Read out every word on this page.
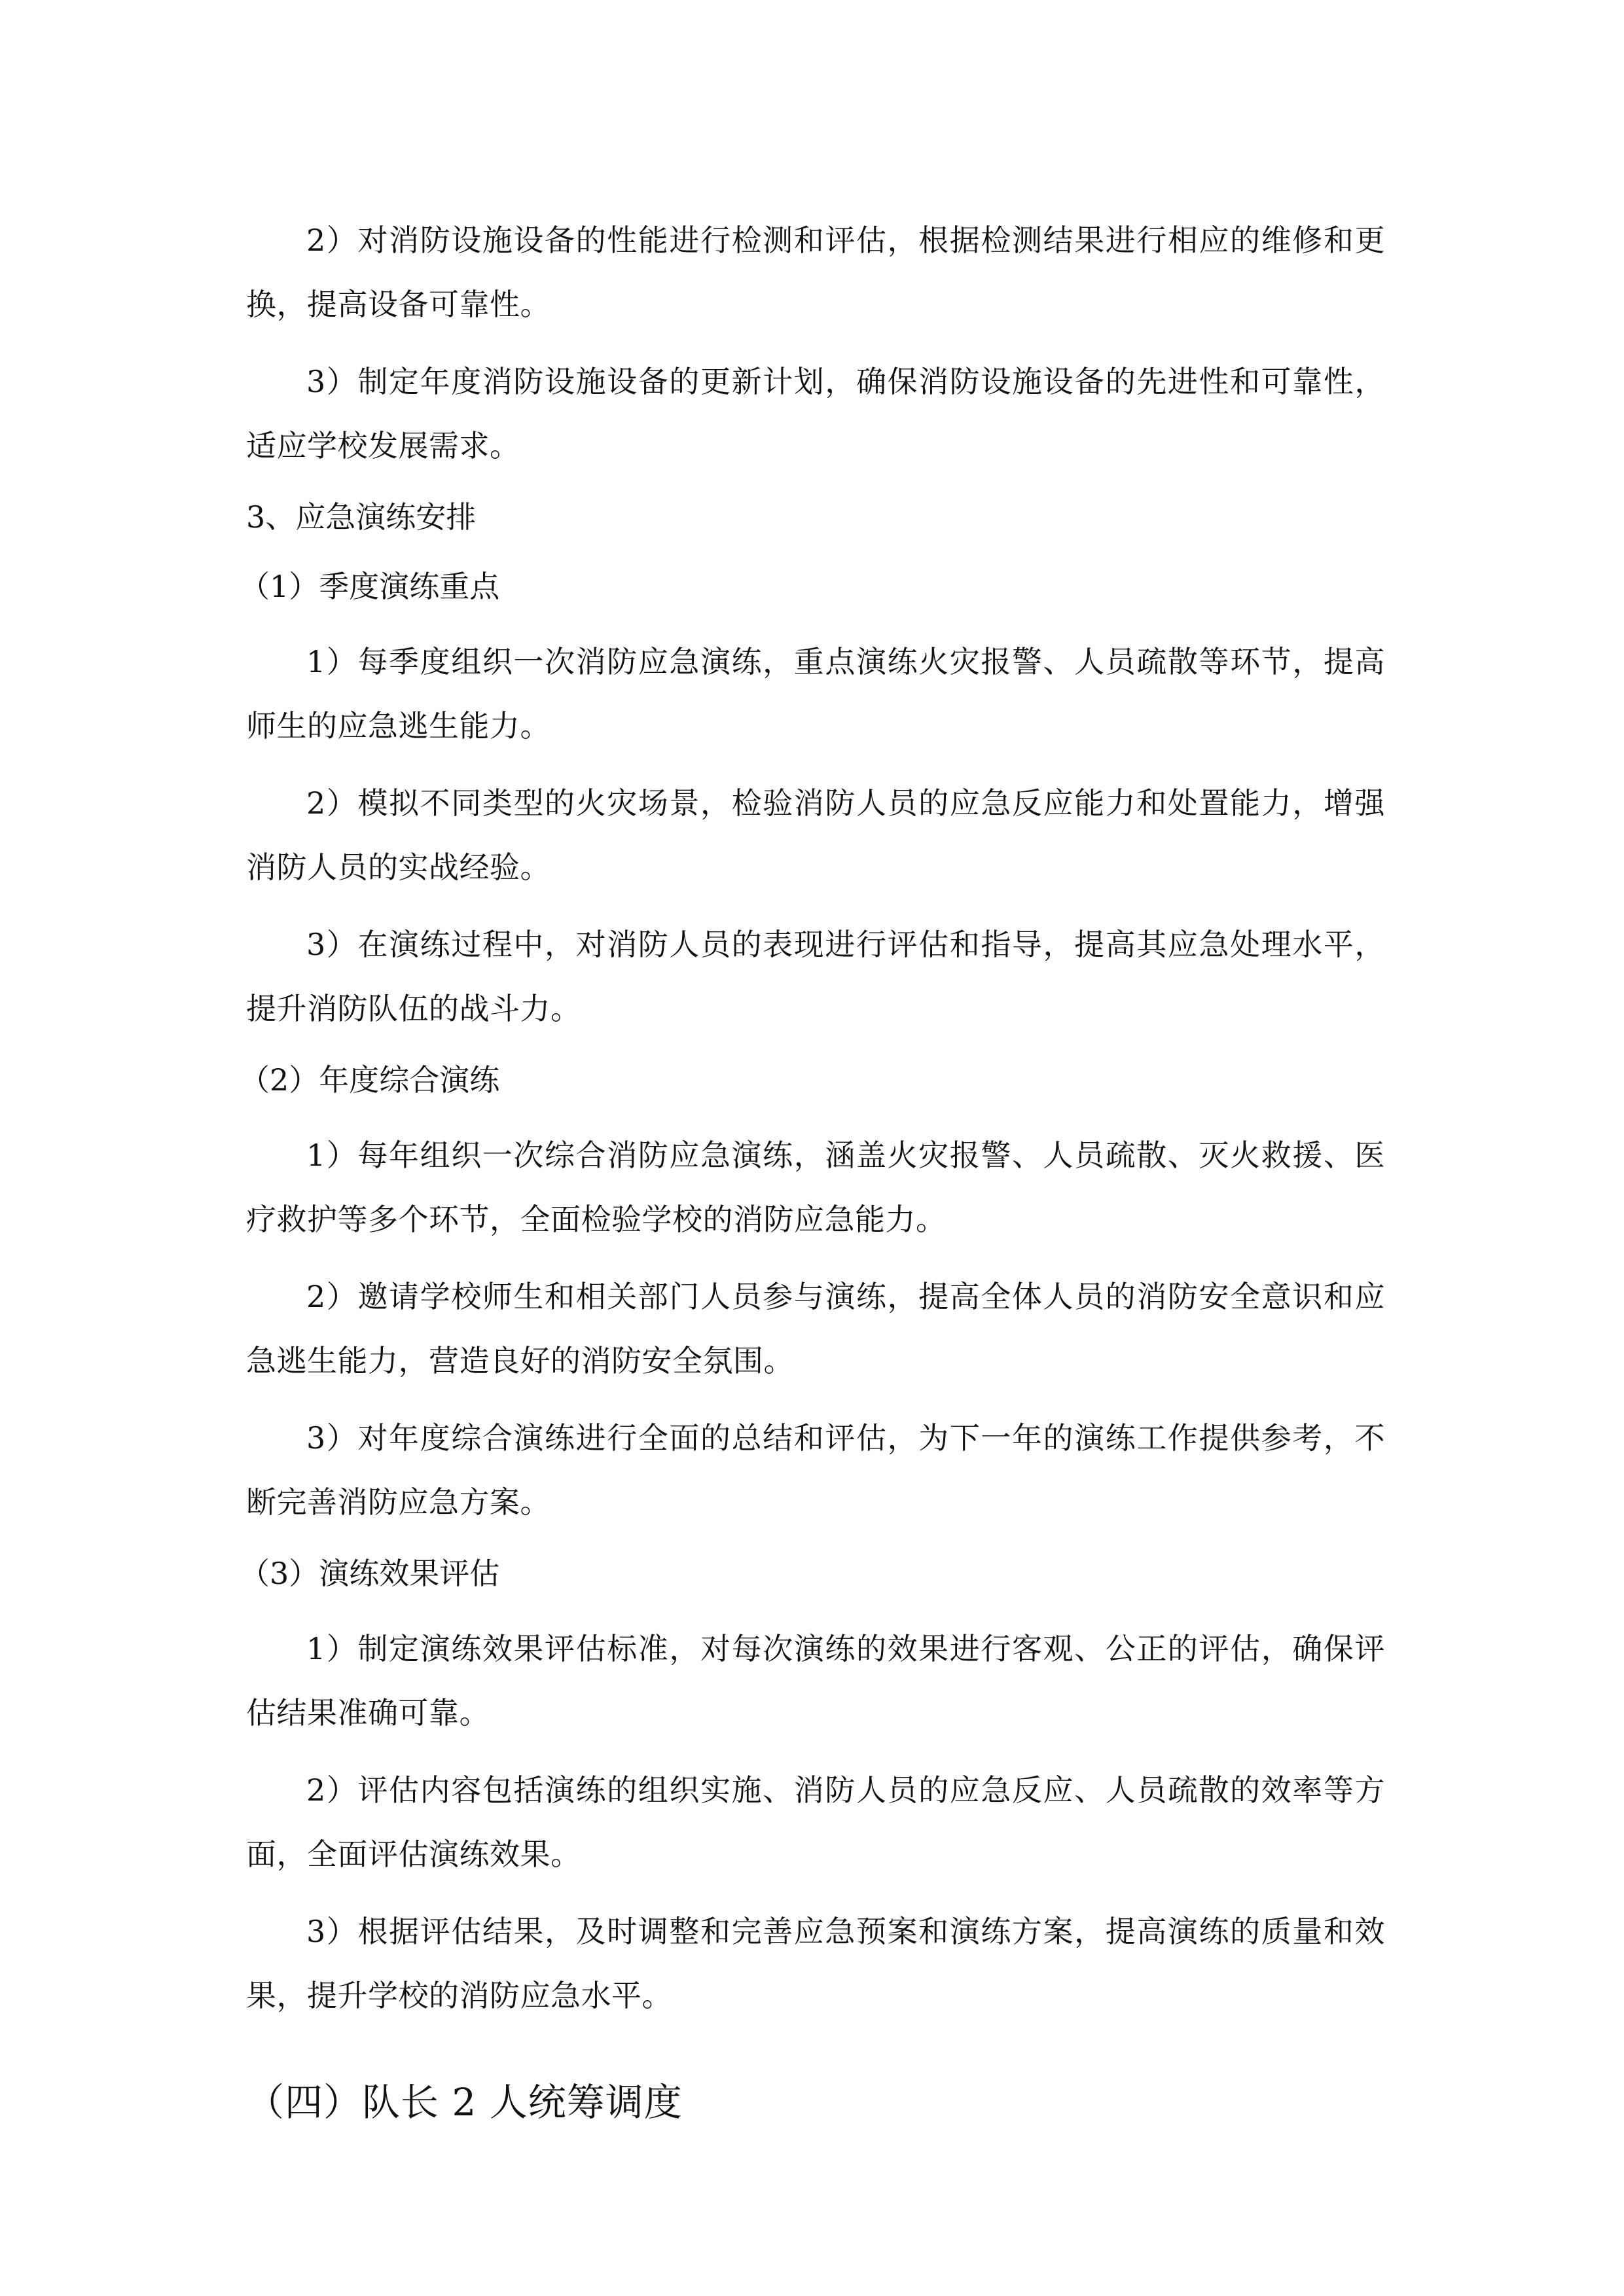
2）对消防设施设备的性能进行检测和评估，根据检测结果进行相应的维修和更换，提高设备可靠性。

3）制定年度消防设施设备的更新计划，确保消防设施设备的先进性和可靠性，适应学校发展需求。

3、应急演练安排

（1）季度演练重点

1）每季度组织一次消防应急演练，重点演练火灾报警、人员疏散等环节，提高师生的应急逃生能力。

2）模拟不同类型的火灾场景，检验消防人员的应急反应能力和处置能力，增强消防人员的实战经验。

3）在演练过程中，对消防人员的表现进行评估和指导，提高其应急处理水平，提升消防队伍的战斗力。

（2）年度综合演练

1）每年组织一次综合消防应急演练，涵盖火灾报警、人员疏散、灭火救援、医疗救护等多个环节，全面检验学校的消防应急能力。

2）邀请学校师生和相关部门人员参与演练，提高全体人员的消防安全意识和应急逃生能力，营造良好的消防安全氛围。

3）对年度综合演练进行全面的总结和评估，为下一年的演练工作提供参考，不断完善消防应急方案。

（3）演练效果评估

1）制定演练效果评估标准，对每次演练的效果进行客观、公正的评估，确保评估结果准确可靠。

2）评估内容包括演练的组织实施、消防人员的应急反应、人员疏散的效率等方面，全面评估演练效果。

3）根据评估结果，及时调整和完善应急预案和演练方案，提高演练的质量和效果，提升学校的消防应急水平。

（四）队长 2 人统筹调度
